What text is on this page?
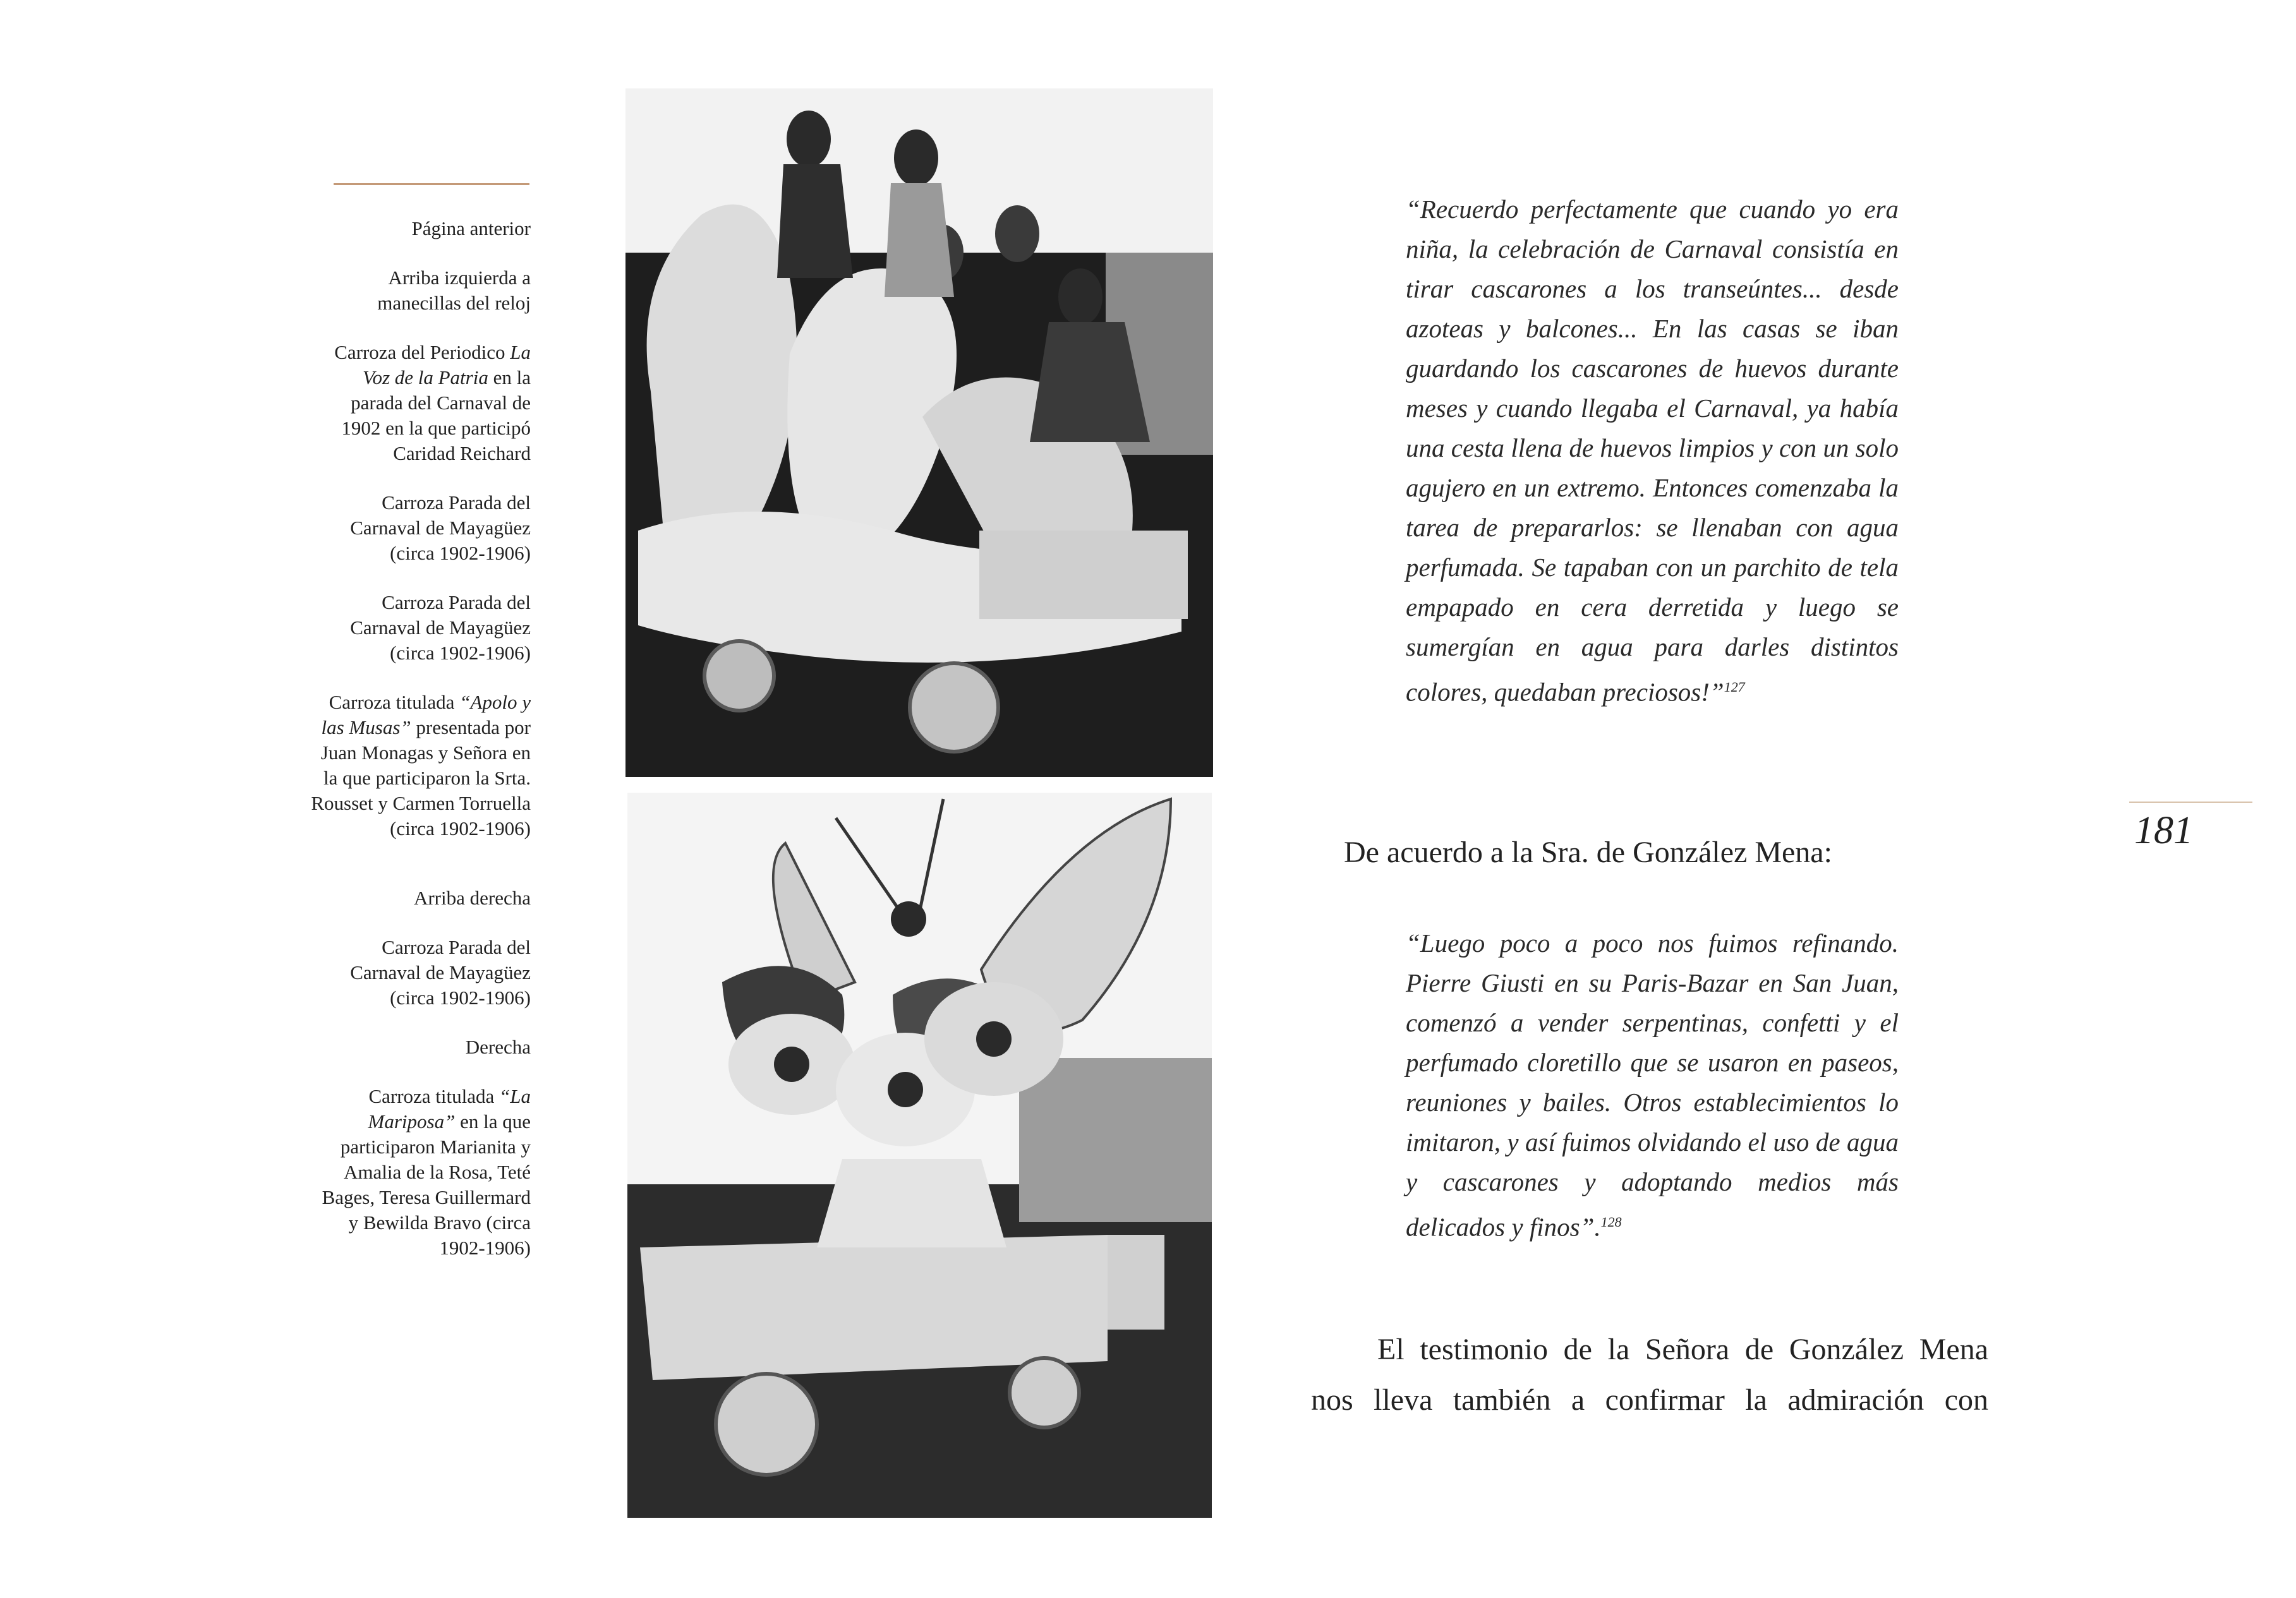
Página anterior

Arriba izquierda a manecillas del reloj

Carroza del Periodico La Voz de la Patria en la parada del Carnaval de 1902 en la que participó Caridad Reichard

Carroza Parada del Carnaval de Mayagüez (circa 1902-1906)

Carroza Parada del Carnaval de Mayagüez (circa 1902-1906)

Carroza titulada “Apolo y las Musas” presentada por Juan Monagas y Señora en la que participaron la Srta. Rousset y Carmen Torruella (circa 1902-1906)

Arriba derecha

Carroza Parada del Carnaval de Mayagüez (circa 1902-1906)

Derecha

Carroza titulada “La Mariposa” en la que participaron Marianita y Amalia de la Rosa, Teté Bages, Teresa Guillermard y Bewilda Bravo (circa 1902-1906)

“Recuerdo perfectamente que cuando yo era niña, la celebración de Carnaval consistía en tirar cascarones a los transeúntes... desde azoteas y balcones... En las casas se iban guardando los cascarones de huevos durante meses y cuando llegaba el Carnaval, ya había una cesta llena de huevos limpios y con un solo agujero en un extremo. Entonces comenzaba la tarea de prepararlos: se llenaban con agua perfumada. Se tapaban con un parchito de tela empapado en cera derretida y luego se sumergían en agua para darles distintos colores, quedaban preciosos!”$^{127}$
De acuerdo a la Sra. de González Mena:
“Luego poco a poco nos fuimos refinando. Pierre Giusti en su Paris-Bazar en San Juan, comenzó a vender serpentinas, confetti y el perfumado cloretillo que se usaron en paseos, reuniones y bailes. Otros establecimientos lo imitaron, y así fuimos olvidando el uso de agua y cascarones y adoptando medios más delicados y finos”.$^{128}$
El testimonio de la Señora de González Mena
nos lleva también a confirmar la admiración con
181
